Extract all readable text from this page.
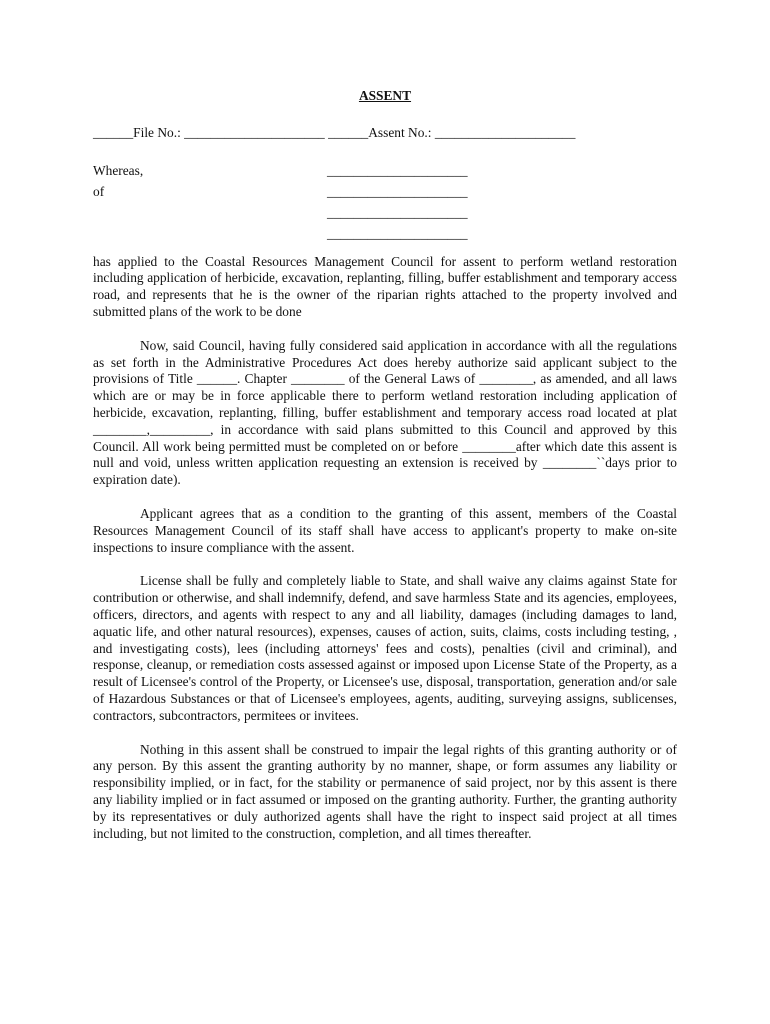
ASSENT
______File No.: _____________________ ______Assent No.: _____________________
Whereas,
of
_____________________
_____________________
_____________________
_____________________

has applied to the Coastal Resources Management Council for assent to perform wetland restoration including application of herbicide, excavation, replanting, filling, buffer establishment and temporary access road, and represents that he is the owner of the riparian rights attached to the property involved and submitted plans of the work to be done

Now, said Council, having fully considered said application in accordance with all the regulations as set forth in the Administrative Procedures Act does hereby authorize said applicant subject to the provisions of Title ______. Chapter ________ of the General Laws of ________, as amended, and all laws which are or may be in force applicable there to perform wetland restoration including application of herbicide, excavation, replanting, filling, buffer establishment and temporary access road located at plat ________,_________, in accordance with said plans submitted to this Council and approved by this Council. All work being permitted must be completed on or before ________after which date this assent is null and void, unless written application requesting an extension is received by ________``days prior to expiration date).

Applicant agrees that as a condition to the granting of this assent, members of the Coastal Resources Management Council of its staff shall have access to applicant's property to make on-site inspections to insure compliance with the assent.

License shall be fully and completely liable to State, and shall waive any claims against State for contribution or otherwise, and shall indemnify, defend, and save harmless State and its agencies, employees, officers, directors, and agents with respect to any and all liability, damages (including damages to land, aquatic life, and other natural resources), expenses, causes of action, suits, claims, costs including testing, , and investigating costs), lees (including attorneys' fees and costs), penalties (civil and criminal), and response, cleanup, or remediation costs assessed against or imposed upon License State of the Property, as a result of Licensee's control of the Property, or Licensee's use, disposal, transportation, generation and/or sale of Hazardous Substances or that of Licensee's employees, agents, auditing, surveying assigns, sublicenses, contractors, subcontractors, permitees or invitees.

Nothing in this assent shall be construed to impair the legal rights of this granting authority or of any person. By this assent the granting authority by no manner, shape, or form assumes any liability or responsibility implied, or in fact, for the stability or permanence of said project, nor by this assent is there any liability implied or in fact assumed or imposed on the granting authority. Further, the granting authority by its representatives or duly authorized agents shall have the right to inspect said project at all times including, but not limited to the construction, completion, and all times thereafter.
